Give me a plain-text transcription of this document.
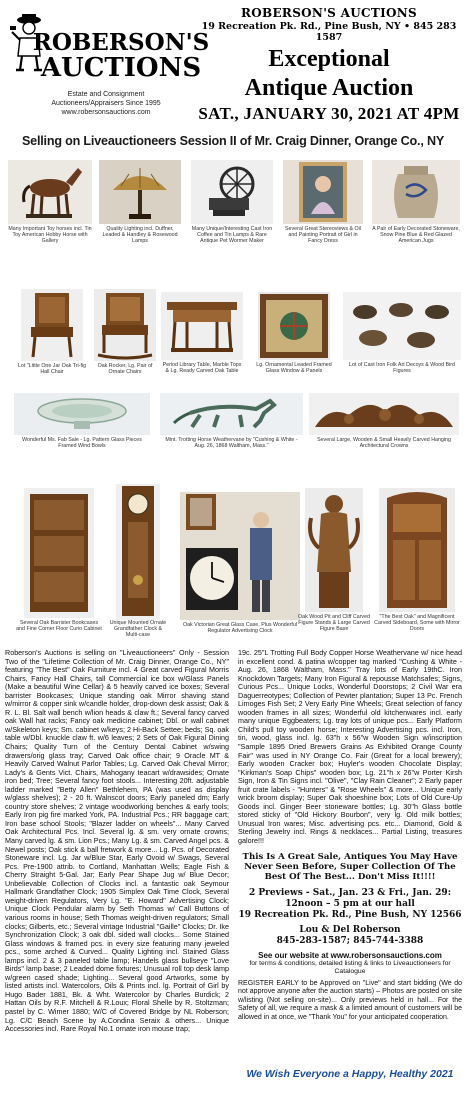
ROBERSON'S
AUCTIONS
Estate and Consignment
Auctioneers/Appraisers Since 1995
www.robersonsauctions.com
ROBERSON'S AUCTIONS
19 Recreation Pk. Rd., Pine Bush, NY • 845 283 1587
Exceptional
Antique Auction
SAT., JANUARY 30, 2021 AT 4PM
Selling on Liveauctioneers Session II of Mr. Craig Dinner, Orange Co., NY
Many Important Toy horses incl. Tin Toy American Hobby Horse with Gallery
Quality Lighting incl. Duffner, Leaded & Handley & Rosewood Lamps
Many Unique/Interesting Cast Iron Coffee and Tin Lamps & Rare Antique Pet Wormer Maker
Several Great Stereoviews & Oil and Painting Portrait of Girl in Fancy Dress
A Pair of Early Decorated Stoneware, Snow Pine Blue & Red Glazed American Jugs
Lot "Little One Jar Oak Tri-fig Hall Chair
Oak Rocker, Lg. Pair of Ornate Chairs
Period Library Table, Marble Tops & Lg. Ready Carved Oak Table
Lg. Ornamental Leaded Framed Glass Window & Panels
Lot of Cast Iron Folk Art Decoys & Wood Bird Figures
Wonderful Ms. Fab Sale - Lg. Pattern Glass Pieces Framed Wind Bowls
Mint. Trotting Horse Weathervane by "Cushing & White - Aug. 26, 1868 Waltham, Mass."
Several Large, Wooden & Small Heavily Carved Hanging Architectural Crowns
Several Oak Barrister Bookcases and Fine Corner Floor Curio Cabinet
Unique Mounted Ornate Grandfather Clock & Multi-case
Oak Victorian Great Glass Case, Plus Wonderful Regulator Advertising Clock
Oak Wood Pit and Cliff Carved Figure Stands & Large Carved Figure Base
"The Best Oak" and Magnificent Carved Sideboard, Some with Mirror Doors
Roberson's Auctions is selling on "Liveauctioneers" Only - Session Two of the "Lifetime Collection of Mr. Craig Dinner, Orange Co., NY" featuring "The Best" Oak Furniture incl. 4 Great carved Figural Morris Chairs, Fancy Hall Chairs, tall Commercial ice box w/Glass Panels (Make a beautiful Wine Cellar) & 5 heavily carved ice boxes; Several barrister Bookcases; Unique standing oak Mirror shaving stand w/mirror & copper sink w/candle holder, drop-down desk assist; Oak & R. L. Bl. Salt wall bench w/lion heads & claw ft.; Several fancy carved oak Wall hat racks; Fancy oak medicine cabinet; Dbl. or wall cabinet w/Skeleton keys; Sm. cabinet w/keys; 2 Hi-Back Settee; beds; Sq. oak table w/Dbl. knuckle claw ft. w/6 leaves; 2 Sets of Oak Figural Dining Chairs; Quality Turn of the Century Dental Cabinet w/swing drawers/orig glass tray; Carved Oak office chair; 9 Oracle MT & Heavily Carved Walnut Parlor Tables; Lg. Carved Oak Cheval Mirror; Lady's & Gents Vict. Chairs, Mahogany teacart w/drawsides; Ornate iron bed; Tree; Several fancy foot stools... Interesting 20ft. adjustable ladder marked "Betty Allen" Bethlehem, PA (was used as display w/glass shelves); 2 - 20 ft. Walnscot doors; Early paneled dm; Early country store shelves; 2 vintage woodworking benches & early tools; Early Iron pig fire marked York, PA. Industrial Pcs.; RR baggage cart; Iron base school Stools; "Blazer ladder on wheels"... Many Carved Oak Architectural Pcs. Incl. Several lg. & sm. very ornate crowns; Many carved lg. & sm. Lion Pcs.; Many Lg. & sm. Carved Angel pcs. & Newel posts; Oak stick & ball fretwork & more... Lg. Pcs. of Decorated Stoneware incl. Lg. Jar w/Blue Star, Early Ovoid w/ Swags, Several Pcs. Pre-1900 attrib. to Cortland, Manhattan Wells; Eagle Fish & Cherry Straight 5-Gal. Jar; Early Pear Shape Jug w/ Blue Decor; Unbelievable Collection of Clocks incl. a fantastic oak Seymour Hallmark Grandfather Clock; 1905 Simplex Oak Time Clock, Several weight-driven Regulators, Very Lg. "E. Howard" Advertising Clock; Unique Clock Pendular alarm by Seth Thomas w/ Call Buttons of various rooms in house; Seth Thomas weight-driven regulators; Small clocks; Gilberts, etc.; Several vintage Industrial "Gaille" Clocks; Dr. Ike Synchronization Clock; 3 oak dbl. sided wall clocks... Some Stained Glass windows & framed pcs. in every size featuring many jeweled pcs., some arched & Curved... Quality Lighting incl. Stained Glass lamps incl. 2 & 3 paneled table lamp; Handels glass bullseye "Love Birds" lamp base; 2 Leaded dome fixtures; Unusual roll top desk lamp w/green cased shade; Lighting... Several good Artworks, some by listed artists incl. Watercolors, Oils & Prints incl. lg. Portrait of Girl by Hugo Bader 1881, Bk. & Wht. Watercolor by Charles Burdick; 2 Hattan Oils by R.F. Mitchell & R.Loux; Floral Shelle by R. Stoltzman; pastel by C. Wimer 1880; W/C of Covered Bridge by NL Roberson; Lg. C/C Beach Scene by A.Condina Seraix & others... Unique Accessories incl. Rare Royal No.1 ornate iron mouse trap;
19c. 25"L Trotting Full Body Copper Horse Weathervane w/ nice head in excellent cond. & patina w/copper tag marked "Cushing & White - Aug. 26, 1868 Waltham, Mass." Tray lots of Early 19thC. Iron Knockdown Targets; Many Iron Figural & repousse Matchsafes; Signs, Curious Pcs... Unique Locks, Wonderful Doorstops; 2 Civil War era Daguerreotypes; Collection of Pewter plantation; Super 13 Pc. French Limoges Fish Set; 2 Very Early Pine Wheels; Great selection of fancy wooden frames in all sizes; Wonderful old kitchenwares incl. early many unique Eggbeaters; Lg. tray lots of unique pcs... Early Platform Child's pull toy wooden horse; Interesting Advertising pcs. incl. Iron, tin, wood, glass incl. lg. 63"h x 56"w Wooden Sign w/inscription "Sample 1895 Dried Brewers Grains As Exhibited Orange County Fair" was used in NY Orange Co. Fair (Great for a local brewery); Early wooden Cracker box; Huyler's wooden Chocolate Display; "Kirkman's Soap Chips" wooden box; Lg. 21"h x 26"w Porter Kirsh Sign, Iron & Tin Signs incl. "Olive", "Clay Rain Cleaner"; 2 Early paper fruit crate labels - "Hunters" & "Rose Wheels" & more... Unique early wrick broom display; Super Oak shoeshine box; Lots of Old Cure-Up Goods incl. Ginger Beer stoneware bottles; Lg. 30"h Glass bottle stored sticky of "Old Hickory Bourbon", very lg. Old milk bottles; Unusual Iron wares; Misc. advertising pcs. etc... Diamond, Gold & Sterling Jewelry incl. Rings & necklaces... Partial Listing, treasures galore!!!
This Is A Great Sale, Antiques You May Have Never Seen Before, Super Collection Of The Best Of The Best... Don't Miss It!!!!
2 Previews - Sat., Jan. 23 & Fri., Jan. 29: 12noon – 5 pm at our hall
19 Recreation Pk. Rd., Pine Bush, NY 12566
Lou & Del Roberson
845-283-1587; 845-744-3388
See our website at www.robersonsauctions.com
for terms & conditions, detailed listing & links to Liveauctioneers for Catalogue
REGISTER EARLY to be Approved on "Live" and start bidding (We do not approve anyone after the auction starts) – Photos are posted on site w/listing (Not selling on-site)... Only previews held in hall... For the Safety of all, we require a mask & a limited amount of customers will be allowed in at once, we "Thank You" for your anticipated cooperation.
We Wish Everyone a Happy, Healthy 2021
